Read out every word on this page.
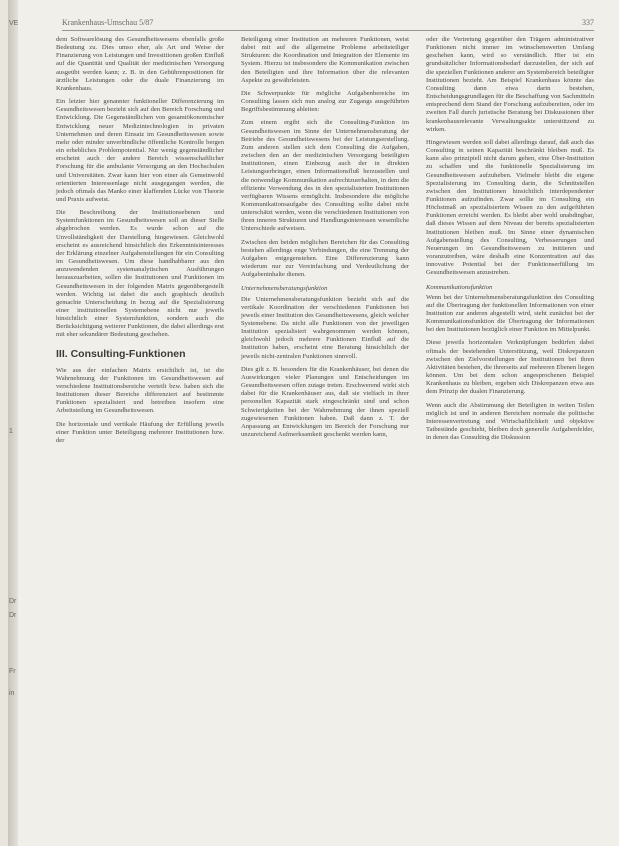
VE
1
Dr
Dr
Fr
in
Krankenhaus-Umschau 5/87	337

dem Softwarelösung des Gesundheitswesens ebenfalls große Bedeutung zu. Dies umso eher, als Art und Weise der Finanzierung von Leistungen und Investitionen großen Einfluß auf die Quantität und Qualität der medizinischen Versorgung ausgeübt werden kann; z. B. in den Gebührenpositionen für ärztliche Leistungen oder die duale Finanzierung im Krankenhaus.

Ein letzter hier genannter funktioneller Differenzierung im Gesundheitswesen bezieht sich auf den Bereich Forschung und Entwicklung. Die Gegenständlichen von gesamtökonomischer Entwicklung neuer Medizintechnologien in privaten Unternehmen und deren Einsatz im Gesundheitswesen sowie mehr oder minder unverbindliche öffentliche Kontrolle bergen ein erhebliches Problempotential. Nur wenig gegenständlicher erscheint auch der andere Bereich wissenschaftlicher Forschung für die ambulante Versorgung an den Hochschulen und Universitäten. Zwar kann hier von einer als Gemeinwohl orientierten Interessenlage nicht ausgegangen werden, die jedoch oftmals das Manko einer klaffenden Lücke von Theorie und Praxis aufweist.

Die Beschreibung der Institutionsebenen und Systemfunktionen im Gesundheitswesen soll an dieser Stelle abgebrochen werden. Es wurde schon auf die Unvollständigkeit der Darstellung hingewiesen. Gleichwohl erscheint es ausreichend hinsichtlich des Erkenntnisinteresses der Erklärung einzelner Aufgabenstellungen für ein Consulting im Gesundheitswesen. Um diese handhabbarer aus den anzuwendenden systemanalytischen Ausführungen herauszuarbeiten, sollen die Institutionen und Funktionen im Gesundheitswesen in der folgenden Matrix gegenübergestellt werden. Wichtig ist dabei die auch graphisch deutlich gemachte Unterscheidung in bezug auf die Spezialisierung einer institutionellen Systemebene nicht nur jeweils hinsichtlich einer Systemfunktion, sondern auch die Berücksichtigung weiterer Funktionen, die dabei allerdings erst mit eher sekundärer Bedeutung geschehen.

III. Consulting-Funktionen

Wie aus der einfachen Matrix ersichtlich ist, ist die Wahrnehmung der Funktionen im Gesundheitswesen auf verschiedene Institutionsbereiche verteilt bzw. haben sich die Institutionen dieser Bereiche differenziert auf bestimmte Funktionen spezialisiert und betreiben insofern eine Arbeitsteilung im Gesundheitswesen.

Die horizontale und vertikale Häufung der Erfüllung jeweils einer Funktion unter Beteiligung mehrerer Institutionen bzw. der

Beteiligung einer Institution an mehreren Funktionen, weist dabei mit auf die allgemeine Probleme arbeitsteiliger Strukturen: die Koordination und Integration der Elemente im System. Hierzu ist insbesondere die Kommunikation zwischen den Beteiligten und ihre Information über die relevanten Aspekte zu gewährleisten.

Die Schwerpunkte für mögliche Aufgabenbereiche im Consulting lassen sich nun analog zur Zugangs ausgeführten Begriffsbestimmung ableiten:

Zum einem ergibt sich die Consulting-Funktion im Gesundheitswesen im Sinne der Unternehmensberatung der Betriebe des Gesundheitswesens bei der Leistungserstellung. Zum anderen stellen sich dem Consulting die Aufgaben, zwischen den an der medizinischen Versorgung beteiligten Institutionen, einen Einbezug auch der in direkten Leistungserbringer, einen Informationsfluß herzustellen und die notwendige Kommunikation aufrechtzuerhalten, in dem die effiziente Verwendung des in den spezialisierten Institutionen verfügbaren Wissens ermöglicht. Insbesondere die mögliche Kommunikationsaufgabe des Consulting sollte dabei nicht unterschätzt werden, wenn die verschiedenen Institutionen von ihren inneren Strukturen und Handlungsinteressen wesentliche Unterschiede aufweisen.

Zwischen den beiden möglichen Bereichen für das Consulting bestehen allerdings enge Verbindungen, die eine Trennung der Aufgaben entgegenstehen. Eine Differenzierung kann wiederum nur zur Vereinfachung und Verdeutlichung der Aufgabeninhalte dienen.

Unternehmensberatungsfunktion

Die Unternehmensberatungsfunktion bezieht sich auf die vertikale Koordination der verschiedenen Funktionen bei jeweils einer Institution des Gesundheitswesens, gleich welcher Systemebene. Da nicht alle Funktionen von der jeweiligen Institution spezialisiert wahrgenommen werden können, gleichwohl jedoch mehrere Funktionen Einfluß auf die Institution haben, erscheint eine Beratung hinsichtlich der jeweils nicht-zentralen Funktionen sinnvoll.

Dies gilt z. B. besonders für die Krankenhäuser, bei denen die Auswirkungen vieler Planungen und Entscheidungen im Gesundheitswesen offen zutage treten. Erschwerend wirkt sich dabei für die Krankenhäuser aus, daß sie vielfach in ihrer personellen Kapazität stark eingeschränkt sind und schon Schwierigkeiten bei der Wahrnehmung der ihnen speziell zugewiesenen Funktionen haben. Daß dann z. T. der Anpassung an Entwicklungen im Bereich der Forschung nur unzureichend Aufmerksamkeit geschenkt werden kann,

oder die Vertretung gegenüber den Trägern administrativer Funktionen nicht immer im wünschenswerten Umfang geschehen kann, wird so verständlich. Hier ist ein grundsätzlicher Informationsbedarf darzustellen, der sich auf die speziellen Funktionen anderer am Systembereich beteiligter Institutionen bezieht. Am Beispiel Krankenhaus könnte das Consulting dann etwa darin bestehen, Entscheidungsgrundlagen für die Beschaffung von Sachmitteln entsprechend dem Stand der Forschung aufzubereiten, oder im zweiten Fall durch juristische Beratung bei Diskussionen über krankenhausrelevante Verwaltungsakte unterstützend zu wirken.

Hingewiesen werden soll dabei allerdings darauf, daß auch das Consulting in seinen Kapazität beschränkt bleiben muß. Es kann also prinzipiell nicht darum gehen, eine Über-Institution zu schaffen und die funktionelle Spezialisierung im Gesundheitswesen aufzuheben. Vielmehr bleibt die eigene Spezialisierung im Consulting darin, die Schnittstellen zwischen den Institutionen hinsichtlich interdependenter Funktionen aufzufinden. Zwar sollte im Consulting ein Höchstmaß an spezialisiertem Wissen zu den aufgeführten Funktionen erreicht werden. Es bleibt aber wohl unabdingbar, daß dieses Wissen auf dem Niveau der bereits spezialisierten Institutionen bleiben muß. Im Sinne einer dynamischen Aufgabenstellung des Consulting, Verbesserungen und Neuerungen im Gesundheitswesen zu initiieren und voranzutreiben, wäre deshalb eine Konzentration auf das innovative Potential bei der Funktionserfüllung im Gesundheitswesen anzustreben.

Kommunikationsfunktion

Wenn bei der Unternehmensberatungsfunktion des Consulting auf die Übertragung der funktionellen Informationen von einer Institution zur anderen abgestellt wird, steht zunächst bei der Kommunikationsfunktion die Übertragung der Informationen bei den Institutionen bezüglich einer Funktion im Mittelpunkt.

Diese jeweils horizontalen Verknüpfungen bedürfen dabei oftmals der bestehenden Unterstützung, weil Diskrepanzen zwischen den Zielvorstellungen der Institutionen bei ihren Aktivitäten bestehen, die ihrerseits auf mehreren Ebenen liegen können. Um bei dem schon angesprochenen Beispiel Krankenhaus zu bleiben, ergeben sich Diskrepanzen etwa aus dem Prinzip der dualen Finanzierung.

Wenn auch die Abstimmung der Beteiligten in weiten Teilen möglich ist und in anderen Bereichen normale die politische Interessenvertretung und Wirtschaftlichkeit und objektive Tatbestände geschieht, bleiben doch generelle Aufgabenfelder, in denen das Consulting die Diskussion
